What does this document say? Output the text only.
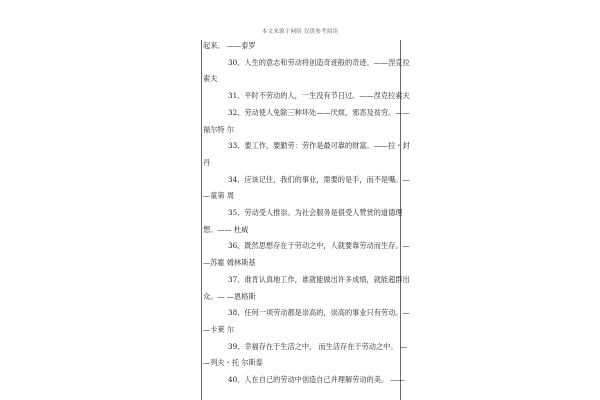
本文来源于网络 仅供参考阅读
起来。 ——泰罗
30、人生的意志和劳动将创造奇迹般的奇迹。——涅克拉
索夫
31、平时不劳动的人，一生没有节日过。——涅克拉索夫
32、劳动使人免除三种坏处——厌烦、邪恶及贫穷。——
福尔特 尔
33、要工作，要勤劳：劳作是最可靠的财富。——拉・封
丹
34、应该记住，我们的事业，需要的是手，而不是嘴。—
—童第 周
35、劳动受人推崇。为社会服务是很受人赞赏的道德理
想。—— 杜威
36、既然思想存在于劳动之中，人就要靠劳动而生存。—
—苏霍 姆林斯基
37、谁肯认真地工作，谁就能做出许多成绩，就能超群出
众。— —恩格斯
38、任何一项劳动都是崇高的，崇高的事业只有劳动。—
—卡莱 尔
39、幸福存在于生活之中， 而生活存在于劳动之中。 —
—列夫・托 尔斯泰
40、人在自己的劳动中创造自己并理解劳动的美。 ——
